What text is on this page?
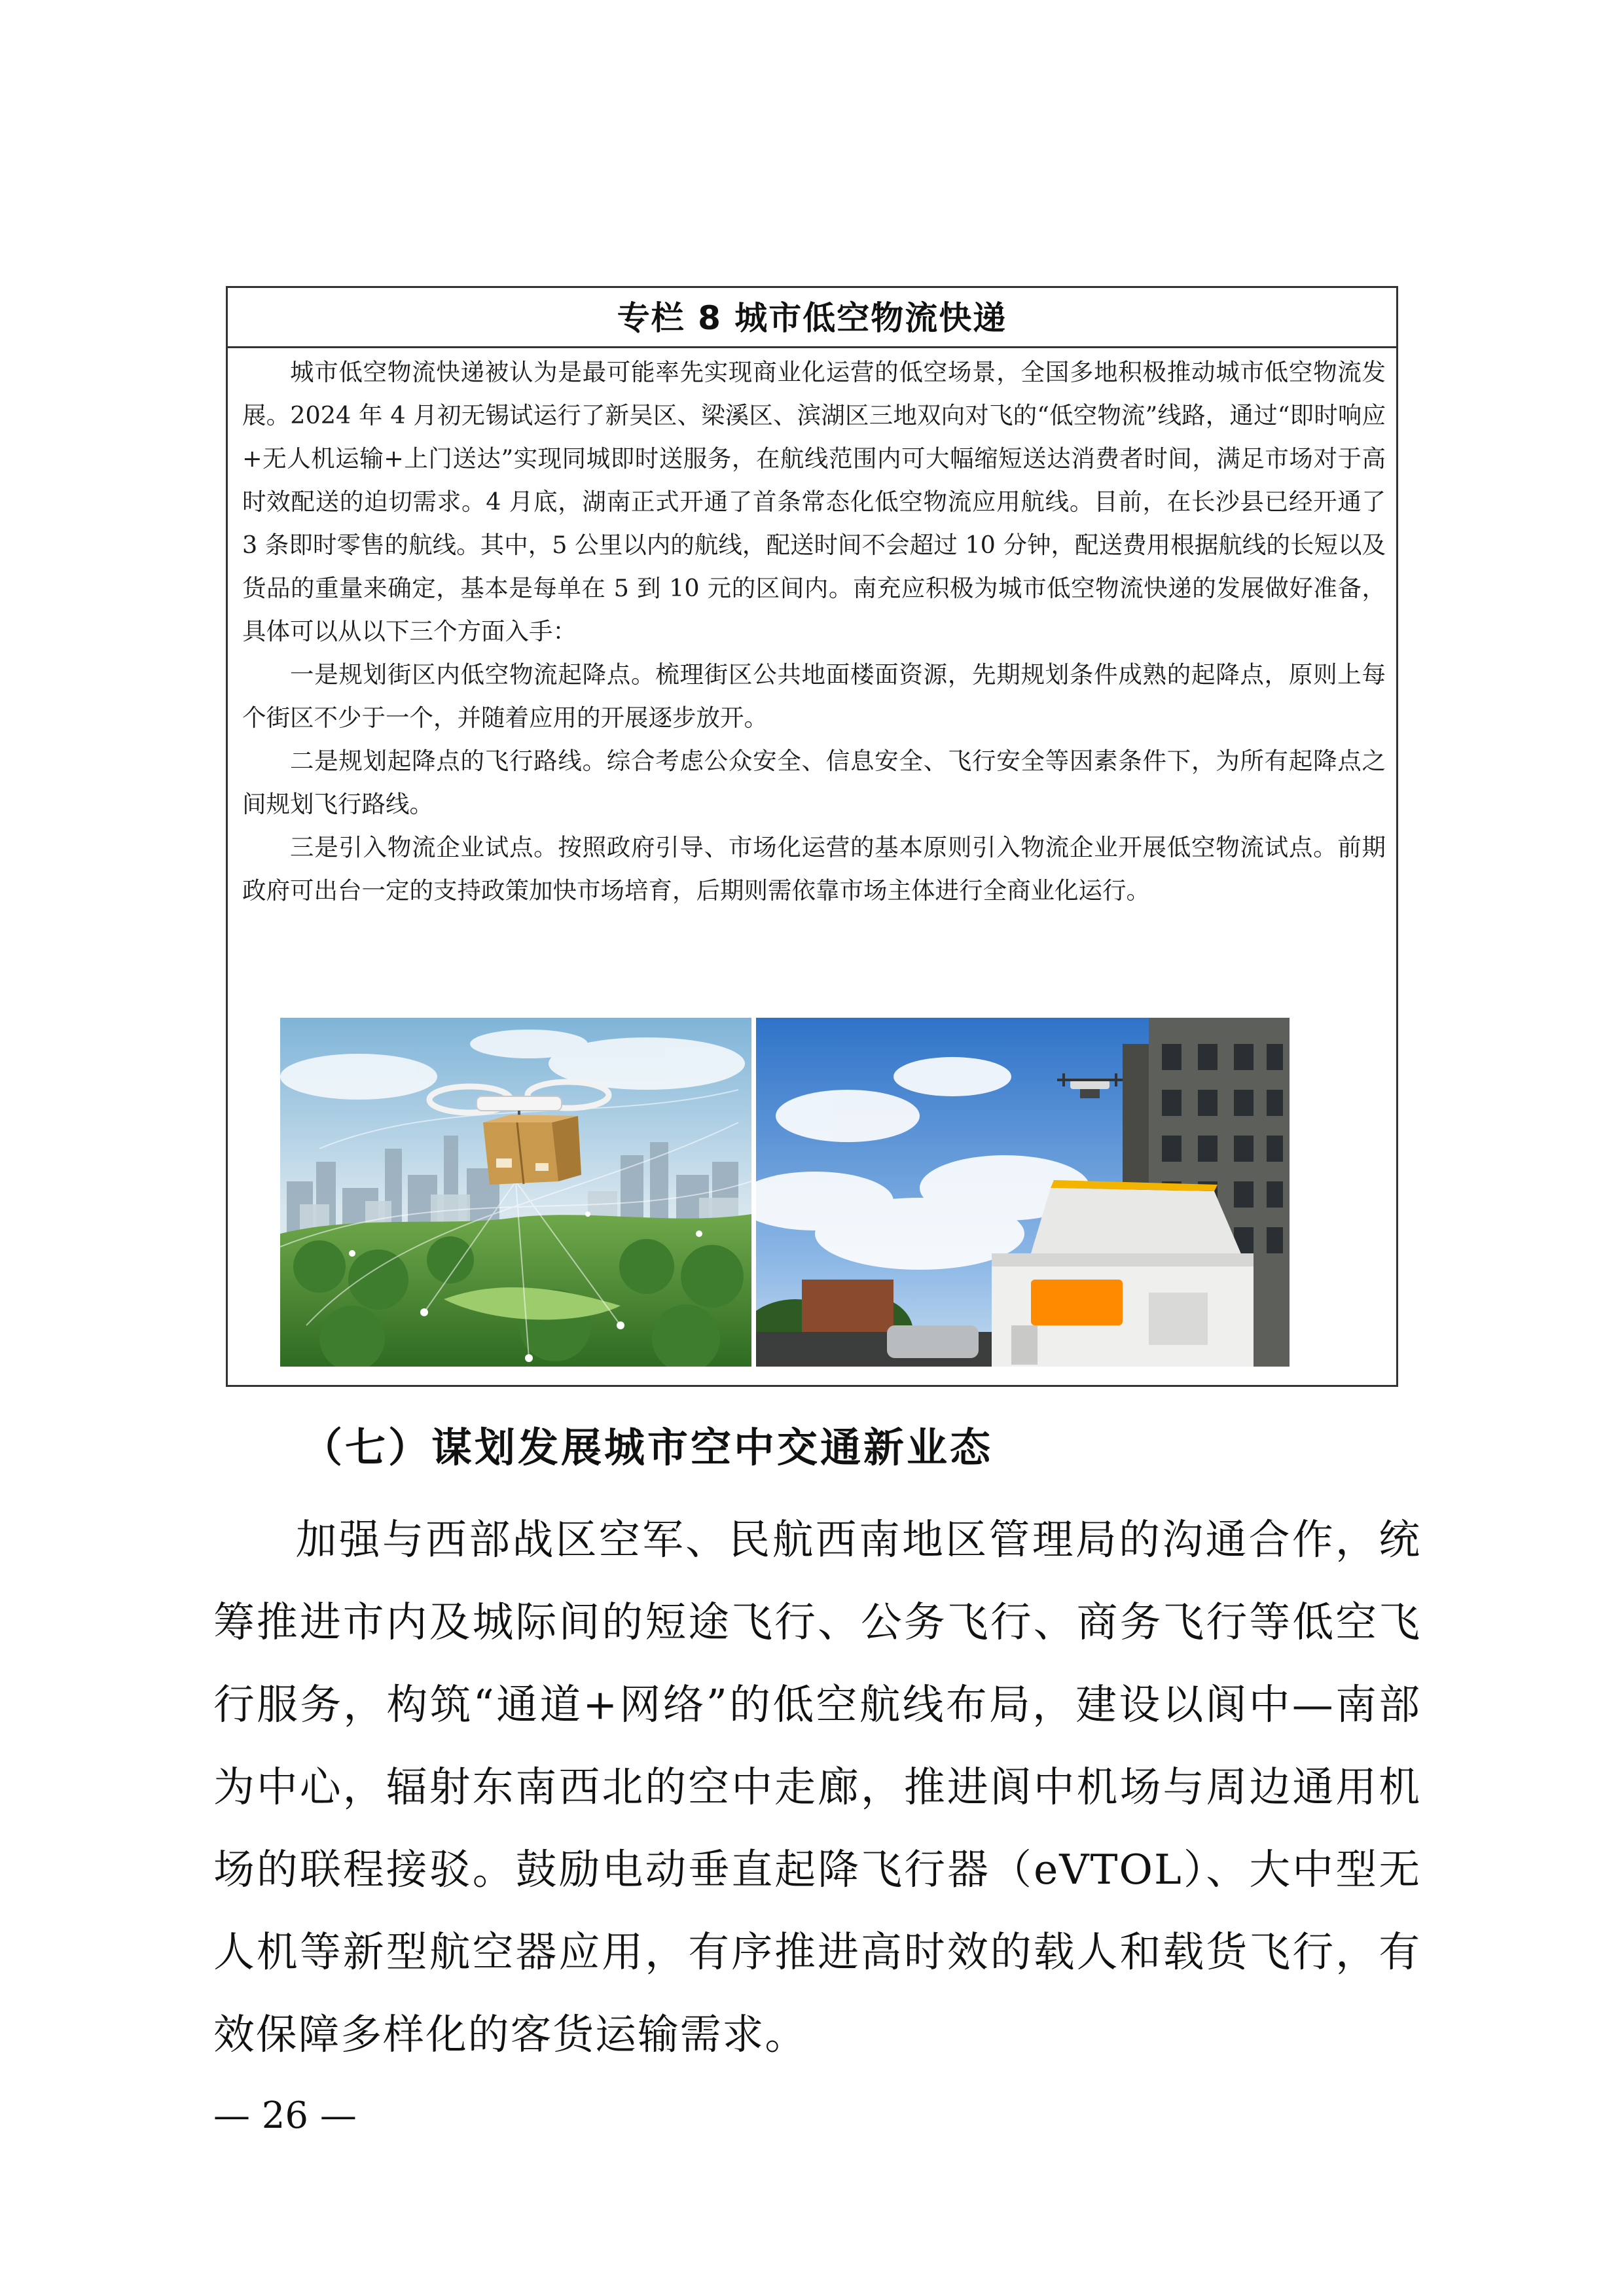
专栏 8 城市低空物流快递

城市低空物流快递被认为是最可能率先实现商业化运营的低空场景，全国多地积极推动城市低空物流发展。2024 年 4 月初无锡试运行了新吴区、梁溪区、滨湖区三地双向对飞的“低空物流”线路，通过“即时响应+无人机运输+上门送达”实现同城即时送服务，在航线范围内可大幅缩短送达消费者时间，满足市场对于高时效配送的迫切需求。4 月底，湖南正式开通了首条常态化低空物流应用航线。目前，在长沙县已经开通了 3 条即时零售的航线。其中，5 公里以内的航线，配送时间不会超过 10 分钟，配送费用根据航线的长短以及货品的重量来确定，基本是每单在 5 到 10 元的区间内。南充应积极为城市低空物流快递的发展做好准备，具体可以从以下三个方面入手：

一是规划街区内低空物流起降点。梳理街区公共地面楼面资源，先期规划条件成熟的起降点，原则上每个街区不少于一个，并随着应用的开展逐步放开。

二是规划起降点的飞行路线。综合考虑公众安全、信息安全、飞行安全等因素条件下，为所有起降点之间规划飞行路线。

三是引入物流企业试点。按照政府引导、市场化运营的基本原则引入物流企业开展低空物流试点。前期政府可出台一定的支持政策加快市场培育，后期则需依靠市场主体进行全商业化运行。

（七）谋划发展城市空中交通新业态

加强与西部战区空军、民航西南地区管理局的沟通合作，统筹推进市内及城际间的短途飞行、公务飞行、商务飞行等低空飞行服务，构筑“通道+网络”的低空航线布局，建设以阆中—南部为中心，辐射东南西北的空中走廊，推进阆中机场与周边通用机场的联程接驳。鼓励电动垂直起降飞行器（eVTOL）、大中型无人机等新型航空器应用，有序推进高时效的载人和载货飞行，有效保障多样化的客货运输需求。

— 26 —
